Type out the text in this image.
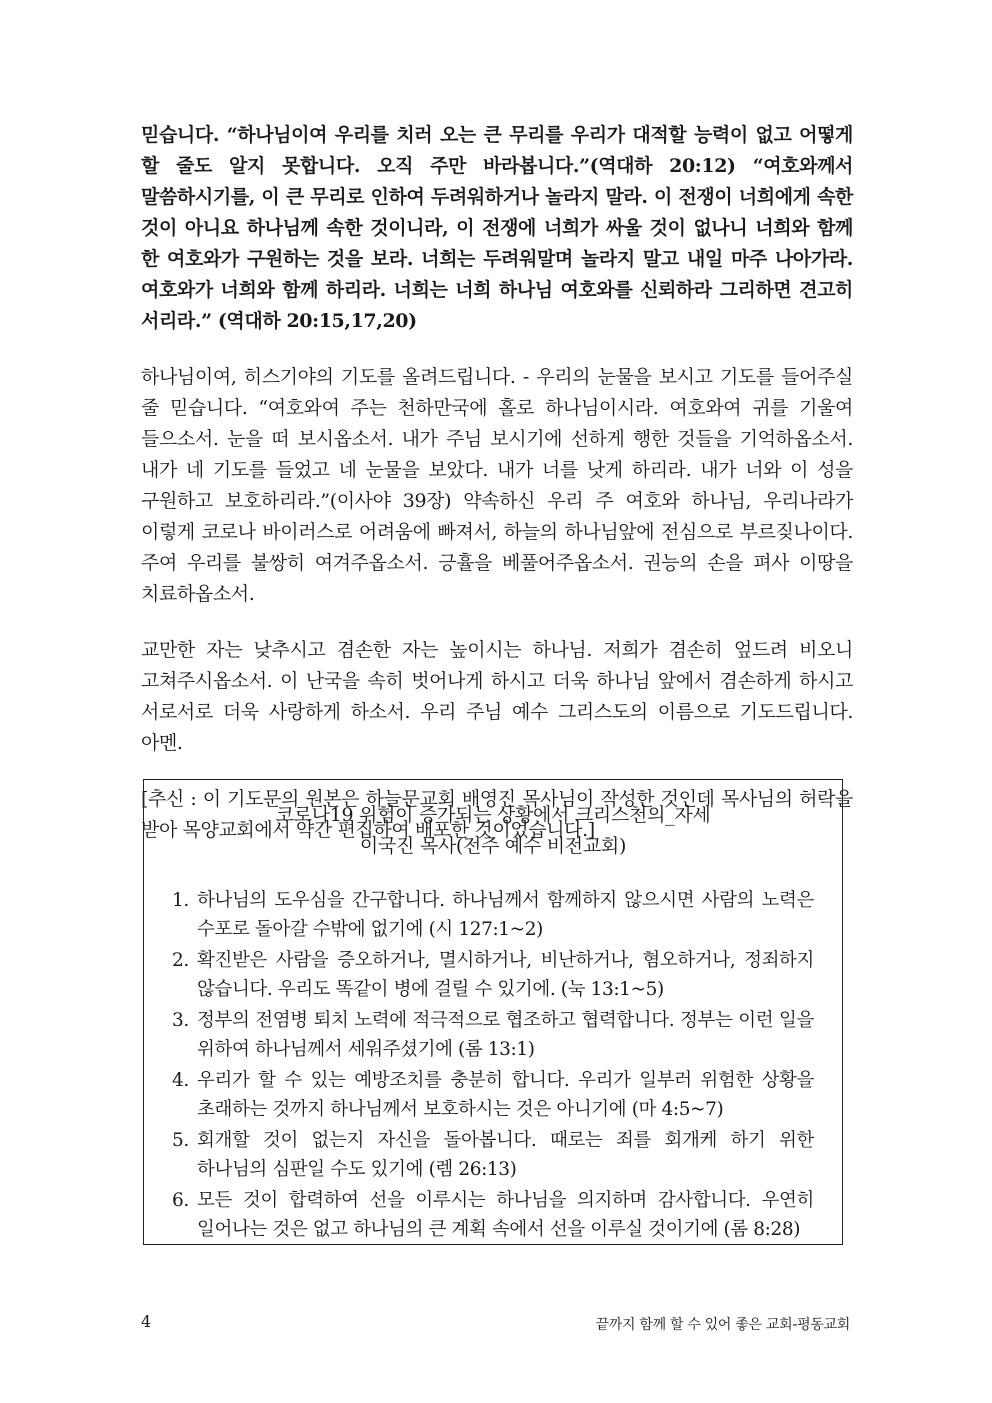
믿습니다. “하나님이여 우리를 치러 오는 큰 무리를 우리가 대적할 능력이 없고 어떻게 할 줄도 알지 못합니다. 오직 주만 바라봅니다.”(역대하 20:12) “여호와께서 말씀하시기를, 이 큰 무리로 인하여 두려워하거나 놀라지 말라. 이 전쟁이 너희에게 속한 것이 아니요 하나님께 속한 것이니라, 이 전쟁에 너희가 싸울 것이 없나니 너희와 함께 한 여호와가 구원하는 것을 보라. 너희는 두려워말며 놀라지 말고 내일 마주 나아가라. 여호와가 너희와 함께 하리라. 너희는 너희 하나님 여호와를 신뢰하라 그리하면 견고히 서리라.” (역대하 20:15,17,20)

하나님이여, 히스기야의 기도를 올려드립니다. - 우리의 눈물을 보시고 기도를 들어주실 줄 믿습니다. “여호와여 주는 천하만국에 홀로 하나님이시라. 여호와여 귀를 기울여 들으소서. 눈을 떠 보시옵소서. 내가 주님 보시기에 선하게 행한 것들을 기억하옵소서. 내가 네 기도를 들었고 네 눈물을 보았다. 내가 너를 낫게 하리라. 내가 너와 이 성을 구원하고 보호하리라.”(이사야 39장) 약속하신 우리 주 여호와 하나님, 우리나라가 이렇게 코로나 바이러스로 어려움에 빠져서, 하늘의 하나님앞에 전심으로 부르짖나이다. 주여 우리를 불쌍히 여겨주옵소서. 긍휼을 베풀어주옵소서. 권능의 손을 펴사 이땅을 치료하옵소서.

교만한 자는 낮추시고 겸손한 자는 높이시는 하나님. 저희가 겸손히 엎드려 비오니 고쳐주시옵소서. 이 난국을 속히 벗어나게 하시고 더욱 하나님 앞에서 겸손하게 하시고 서로서로 더욱 사랑하게 하소서. 우리 주님 예수 그리스도의 이름으로 기도드립니다. 아멘.

[추신 : 이 기도문의 원본은 하늘문교회 배영진 목사님이 작성한 것인데 목사님의 허락을 받아 목양교회에서 약간 편집하여 배포한 것이었습니다.]

코로나19 위험이 증가되는 상황에서 크리스천의_자세
이국진 목사(전주 예수 비전교회)
1. 하나님의 도우심을 간구합니다. 하나님께서 함께하지 않으시면 사람의 노력은 수포로 돌아갈 수밖에 없기에 (시 127:1~2)
2. 확진받은 사람을 증오하거나, 멸시하거나, 비난하거나, 혐오하거나, 정죄하지 않습니다. 우리도 똑같이 병에 걸릴 수 있기에. (눅 13:1~5)
3. 정부의 전염병 퇴치 노력에 적극적으로 협조하고 협력합니다. 정부는 이런 일을 위하여 하나님께서 세워주셨기에 (롬 13:1)
4. 우리가 할 수 있는 예방조치를 충분히 합니다. 우리가 일부러 위험한 상황을 초래하는 것까지 하나님께서 보호하시는 것은 아니기에 (마 4:5~7)
5. 회개할 것이 없는지 자신을 돌아봅니다. 때로는 죄를 회개케 하기 위한 하나님의 심판일 수도 있기에 (렘 26:13)
6. 모든 것이 합력하여 선을 이루시는 하나님을 의지하며 감사합니다. 우연히 일어나는 것은 없고 하나님의 큰 계획 속에서 선을 이루실 것이기에 (롬 8:28)
4	끝까지 함께 할 수 있어 좋은 교회-평동교회
